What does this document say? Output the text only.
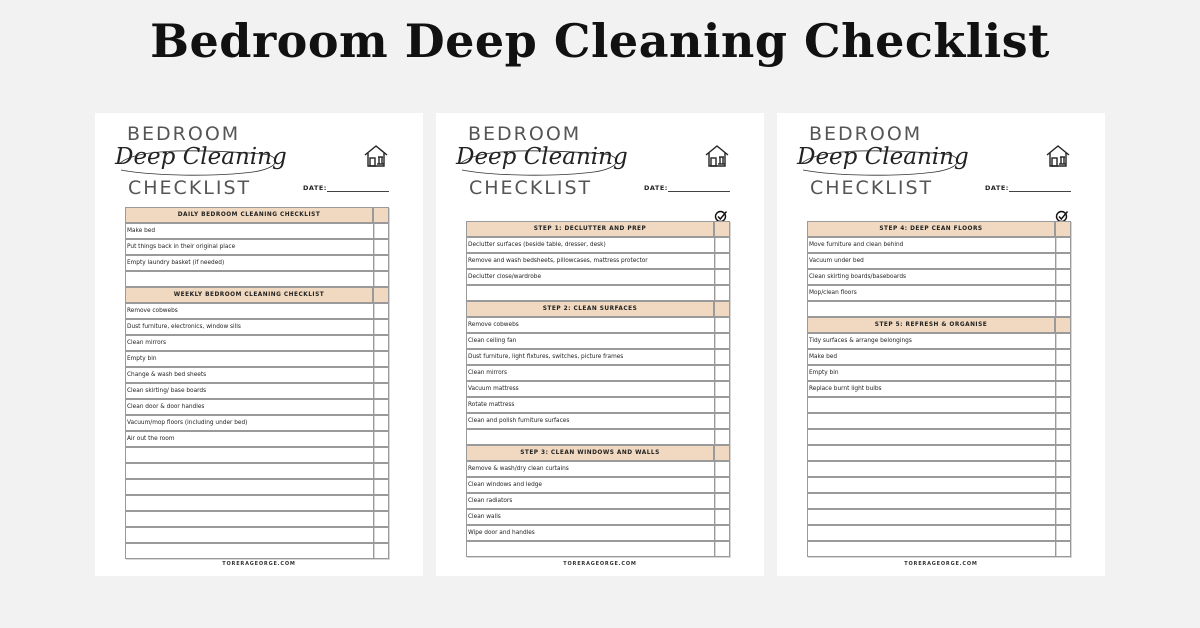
Bedroom Deep Cleaning Checklist
BEDROOM
Deep Cleaning
CHECKLIST	DATE:
DAILY BEDROOM CLEANING CHECKLIST
Make bed
Put things back in their original place
Empty laundry basket (if needed)
WEEKLY BEDROOM CLEANING CHECKLIST
Remove cobwebs
Dust furniture, electronics, window sills
Clean mirrors
Empty bin
Change & wash bed sheets
Clean skirting/ base boards
Clean door & door handles
Vacuum/mop floors (including under bed)
Air out the room
TORERAGEORGE.COM
BEDROOM
Deep Cleaning
CHECKLIST	DATE:
STEP 1: DECLUTTER AND PREP
Declutter surfaces (beside table, dresser, desk)
Remove and wash bedsheets, pillowcases, mattress protector
Declutter close/wardrobe
STEP 2: CLEAN SURFACES
Remove cobwebs
Clean ceiling fan
Dust furniture, light fixtures, switches, picture frames
Clean mirrors
Vacuum mattress
Rotate mattress
Clean and polish furniture surfaces
STEP 3: CLEAN WINDOWS AND WALLS
Remove & wash/dry clean curtains
Clean windows and ledge
Clean radiators
Clean walls
Wipe door and handles
TORERAGEORGE.COM
BEDROOM
Deep Cleaning
CHECKLIST	DATE:
STEP 4: DEEP CEAN FLOORS
Move furniture and clean behind
Vacuum under bed
Clean skirting boards/baseboards
Mop/clean floors
STEP 5: REFRESH & ORGANISE
Tidy surfaces & arrange belongings
Make bed
Empty bin
Replace burnt light bulbs
TORERAGEORGE.COM
